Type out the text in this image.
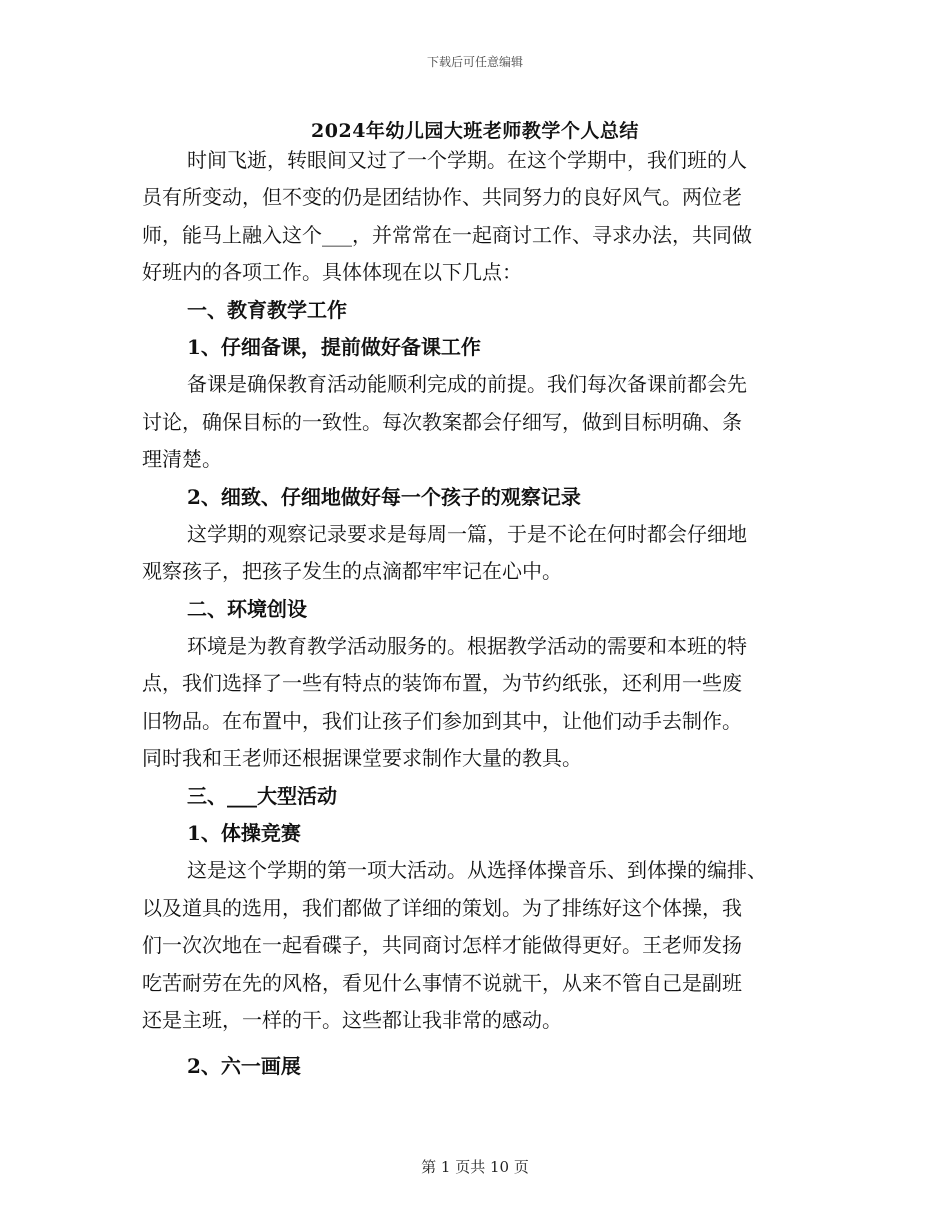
下载后可任意编辑
2024年幼儿园大班老师教学个人总结
时间飞逝，转眼间又过了一个学期。在这个学期中，我们班的人
员有所变动，但不变的仍是团结协作、共同努力的良好风气。两位老
师，能马上融入这个___，并常常在一起商讨工作、寻求办法，共同做
好班内的各项工作。具体体现在以下几点：
一、教育教学工作
1、仔细备课，提前做好备课工作
备课是确保教育活动能顺利完成的前提。我们每次备课前都会先
讨论，确保目标的一致性。每次教案都会仔细写，做到目标明确、条
理清楚。
2、细致、仔细地做好每一个孩子的观察记录
这学期的观察记录要求是每周一篇，于是不论在何时都会仔细地
观察孩子，把孩子发生的点滴都牢牢记在心中。
二、环境创设
环境是为教育教学活动服务的。根据教学活动的需要和本班的特
点，我们选择了一些有特点的装饰布置，为节约纸张，还利用一些废
旧物品。在布置中，我们让孩子们参加到其中，让他们动手去制作。
同时我和王老师还根据课堂要求制作大量的教具。
三、___大型活动
1、体操竞赛
这是这个学期的第一项大活动。从选择体操音乐、到体操的编排、
以及道具的选用，我们都做了详细的策划。为了排练好这个体操，我
们一次次地在一起看碟子，共同商讨怎样才能做得更好。王老师发扬
吃苦耐劳在先的风格，看见什么事情不说就干，从来不管自己是副班
还是主班，一样的干。这些都让我非常的感动。
2、六一画展
第 1 页共 10 页
